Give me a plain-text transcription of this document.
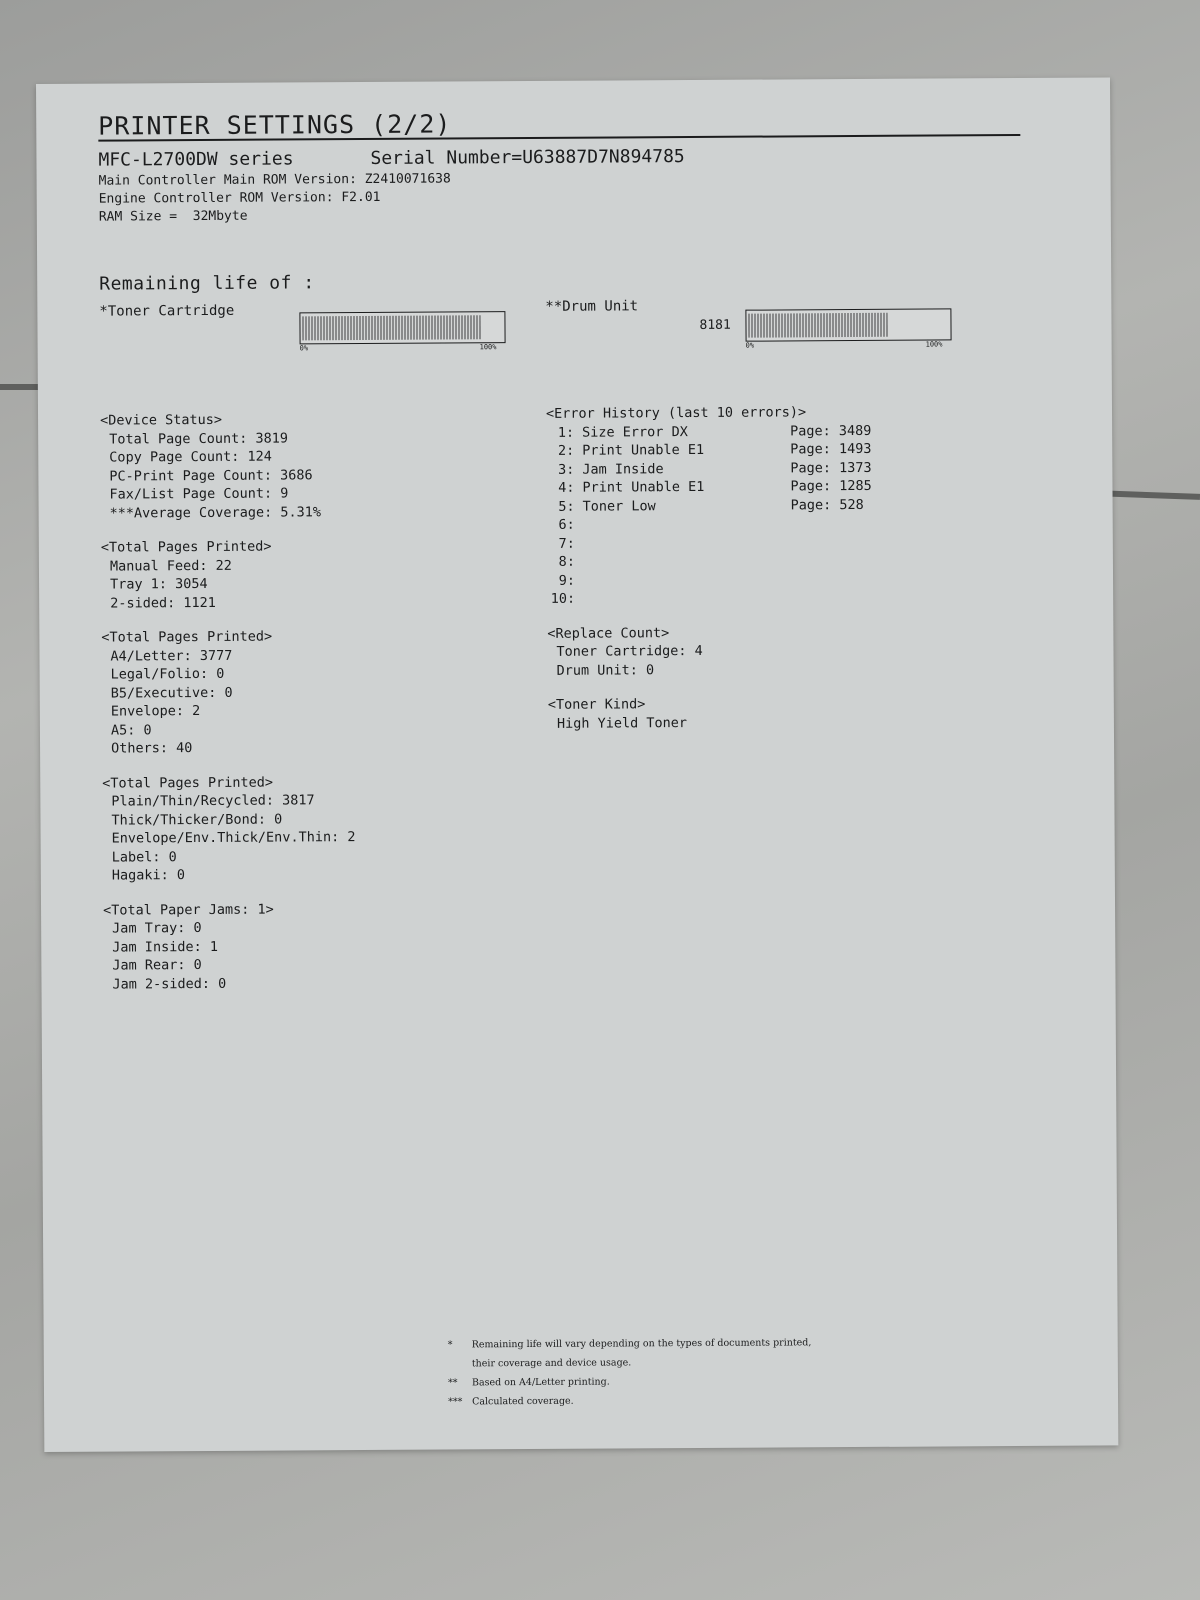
PRINTER SETTINGS (2/2)
MFC-L2700DW series	Serial Number=U63887D7N894785
Main Controller Main ROM Version: Z2410071638
Engine Controller ROM Version: F2.01
RAM Size =  32Mbyte
Remaining life of :
*Toner Cartridge
0%	100%
**Drum Unit
8181
0%	100%
<Device Status>
Total Page Count: 3819
Copy Page Count: 124
PC-Print Page Count: 3686
Fax/List Page Count: 9
***Average Coverage: 5.31%
<Total Pages Printed>
Manual Feed: 22
Tray 1: 3054
2-sided: 1121
<Total Pages Printed>
A4/Letter: 3777
Legal/Folio: 0
B5/Executive: 0
Envelope: 2
A5: 0
Others: 40
<Total Pages Printed>
Plain/Thin/Recycled: 3817
Thick/Thicker/Bond: 0
Envelope/Env.Thick/Env.Thin: 2
Label: 0
Hagaki: 0
<Total Paper Jams: 1>
Jam Tray: 0
Jam Inside: 1
Jam Rear: 0
Jam 2-sided: 0
<Error History (last 10 errors)>
1: Size Error DX	Page: 3489
2: Print Unable E1	Page: 1493
3: Jam Inside	Page: 1373
4: Print Unable E1	Page: 1285
5: Toner Low	Page: 528
6:
7:
8:
9:
10:
<Replace Count>
Toner Cartridge: 4
Drum Unit: 0
<Toner Kind>
High Yield Toner
* Remaining life will vary depending on the types of documents printed,
their coverage and device usage.
** Based on A4/Letter printing.
*** Calculated coverage.
